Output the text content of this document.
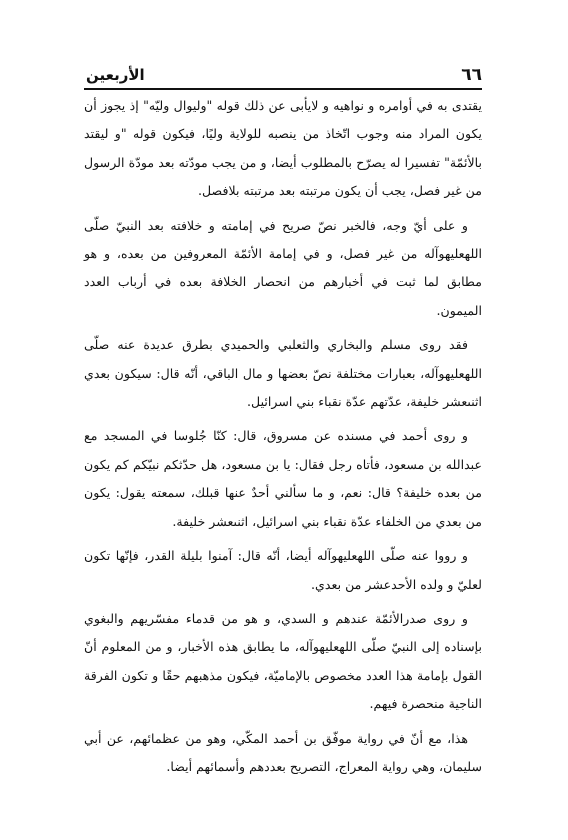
٦٦
الأربعين

يقتدى به في أوامره و نواهيه و لايأبى عن ذلك قوله "وليوال وليّه" إذ يجوز أن يكون المراد منه وجوب اتّخاذ من ينصبه للولاية وليًا، فيكون قوله "و ليقتد بالأئمّة" تفسيرا له يصرّح بالمطلوب أيضا، و من يجب مودّته بعد مودّة الرسول من غير فصل، يجب أن يكون مرتبته بعد مرتبته بلافصل.

و على أيّ وجه، فالخبر نصّ صريح في إمامته و خلافته بعد النبيّ صلّى اللهعليهوآله من غير فصل، و في إمامة الأئمّة المعروفين من بعده، و هو مطابق لما ثبت في أخبارهم من انحصار الخلافة بعده في أرباب العدد الميمون.

فقد روى مسلم والبخاري والثعلبي والحميدي بطرق عديدة عنه صلّى اللهعليهوآله، بعبارات مختلفة نصّ بعضها و مال الباقي، أنّه قال: سيكون بعدي اثنىعشر خليفة، عدّتهم عدّة نقباء بني اسرائيل.

و روى أحمد في مسنده عن مسروق، قال: كنّا جُلوسا في المسجد مع عبدالله بن مسعود، فأتاه رجل فقال: يا بن مسعود، هل حدّثكم نبيّكم كم يكون من بعده خليفة؟ قال: نعم، و ما سألني أحدٌ عنها قبلك، سمعته يقول: يكون من بعدي من الخلفاء عدّة نقباء بني اسرائيل، اثنىعشر خليفة.

و رووا عنه صلّى اللهعليهوآله أيضا، أنّه قال: آمنوا بليلة القدر، فإنّها تكون لعليّ و ولده الأحدعشر من بعدي.

و روى صدرالأئمّة عندهم و السدي، و هو من قدماء مفسّريهم والبغوي بإسناده إلى النبيّ صلّى اللهعليهوآله، ما يطابق هذه الأخبار، و من المعلوم أنّ القول بإمامة هذا العدد مخصوص بالإماميّة، فيكون مذهبهم حقًا و تكون الفرقة الناجية منحصرة فيهم.

هذا، مع أنّ في رواية موفّق بن أحمد المكّي، وهو من عظمائهم، عن أبي سليمان، وهي رواية المعراج، التصريح بعددهم وأسمائهم أيضا.
